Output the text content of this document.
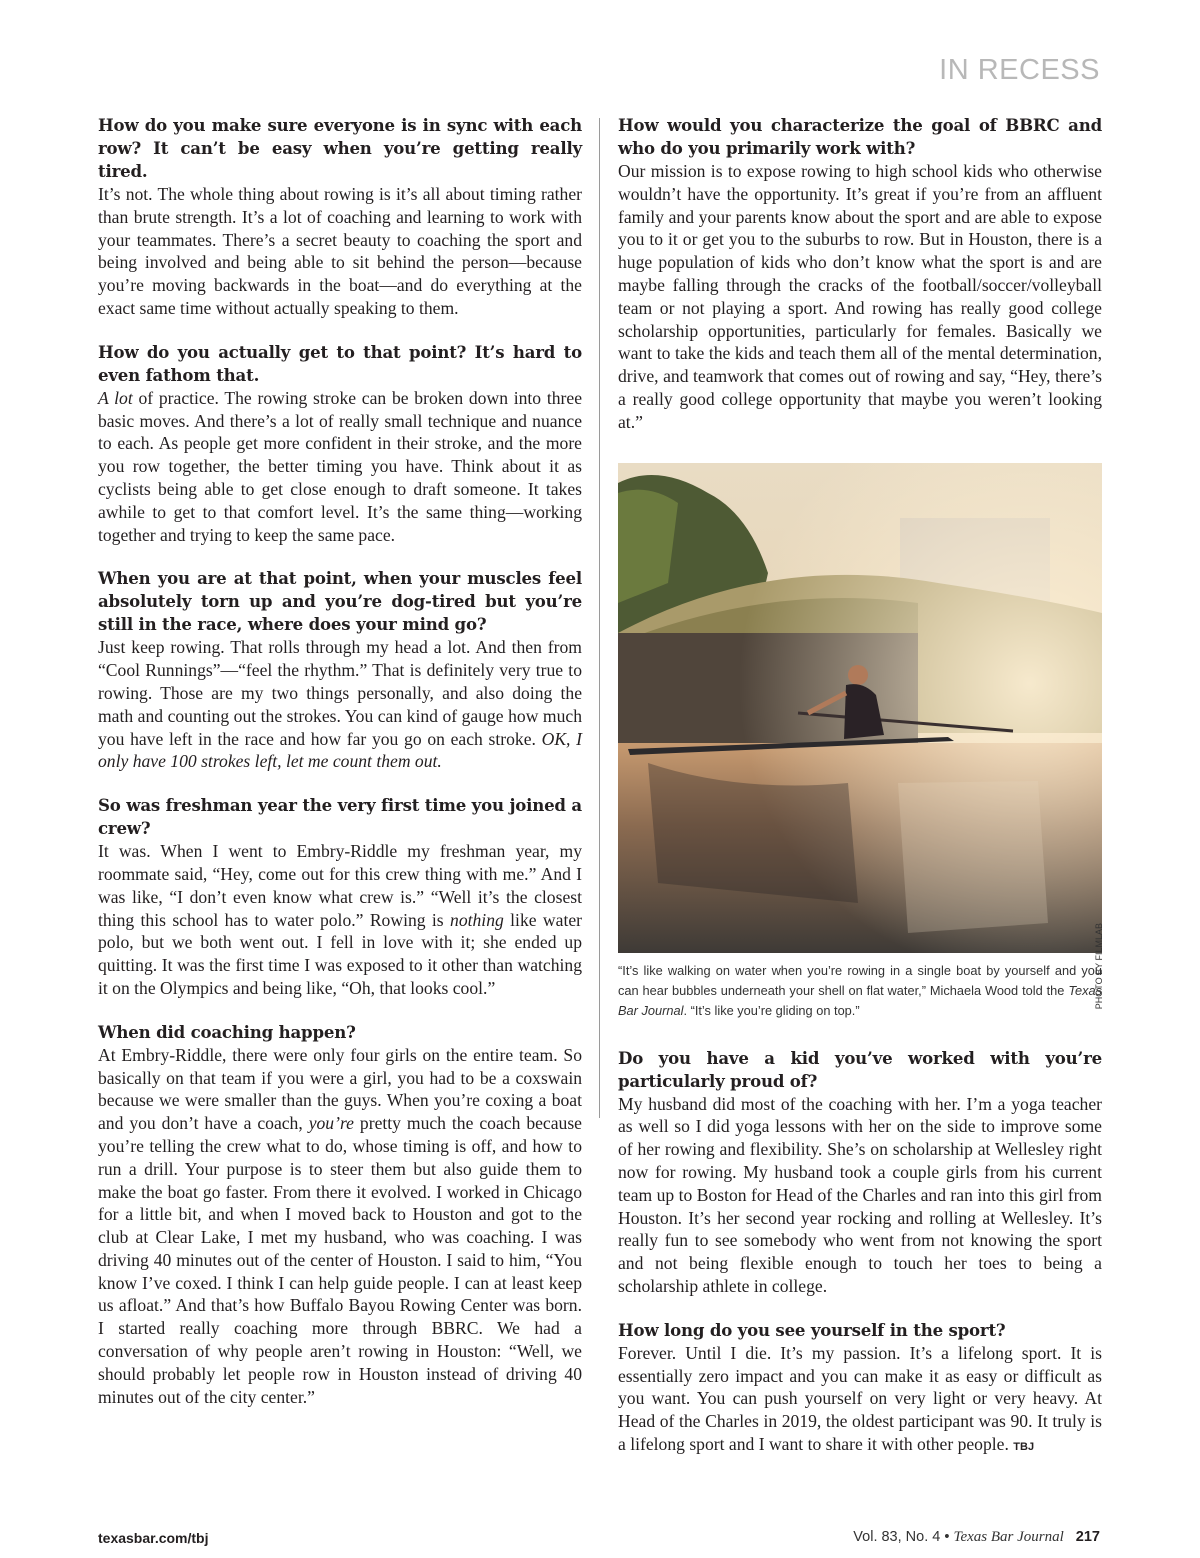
IN RECESS

How do you make sure everyone is in sync with each row? It can’t be easy when you’re getting really tired.

It’s not. The whole thing about rowing is it’s all about timing rather than brute strength. It’s a lot of coaching and learning to work with your teammates. There’s a secret beauty to coaching the sport and being involved and being able to sit behind the person—because you’re moving backwards in the boat—and do everything at the exact same time without actually speaking to them.

How do you actually get to that point? It’s hard to even fathom that.

A lot of practice. The rowing stroke can be broken down into three basic moves. And there’s a lot of really small technique and nuance to each. As people get more confident in their stroke, and the more you row together, the better timing you have. Think about it as cyclists being able to get close enough to draft someone. It takes awhile to get to that comfort level. It’s the same thing—working together and trying to keep the same pace.

When you are at that point, when your muscles feel absolutely torn up and you’re dog-tired but you’re still in the race, where does your mind go?

Just keep rowing. That rolls through my head a lot. And then from “Cool Runnings”—“feel the rhythm.” That is definitely very true to rowing. Those are my two things personally, and also doing the math and counting out the strokes. You can kind of gauge how much you have left in the race and how far you go on each stroke. OK, I only have 100 strokes left, let me count them out.

So was freshman year the very first time you joined a crew?

It was. When I went to Embry-Riddle my freshman year, my roommate said, “Hey, come out for this crew thing with me.” And I was like, “I don’t even know what crew is.” “Well it’s the closest thing this school has to water polo.” Rowing is nothing like water polo, but we both went out. I fell in love with it; she ended up quitting. It was the first time I was exposed to it other than watching it on the Olympics and being like, “Oh, that looks cool.”

When did coaching happen?

At Embry-Riddle, there were only four girls on the entire team. So basically on that team if you were a girl, you had to be a coxswain because we were smaller than the guys. When you’re coxing a boat and you don’t have a coach, you’re pretty much the coach because you’re telling the crew what to do, whose timing is off, and how to run a drill. Your purpose is to steer them but also guide them to make the boat go faster. From there it evolved. I worked in Chicago for a little bit, and when I moved back to Houston and got to the club at Clear Lake, I met my husband, who was coaching. I was driving 40 minutes out of the center of Houston. I said to him, “You know I’ve coxed. I think I can help guide people. I can at least keep us afloat.” And that’s how Buffalo Bayou Rowing Center was born. I started really coaching more through BBRC. We had a conversation of why people aren’t rowing in Houston: “Well, we should probably let people row in Houston instead of driving 40 minutes out of the city center.”

How would you characterize the goal of BBRC and who do you primarily work with?

Our mission is to expose rowing to high school kids who otherwise wouldn’t have the opportunity. It’s great if you’re from an affluent family and your parents know about the sport and are able to expose you to it or get you to the suburbs to row. But in Houston, there is a huge population of kids who don’t know what the sport is and are maybe falling through the cracks of the football/soccer/volleyball team or not playing a sport. And rowing has really good college scholarship opportunities, particularly for females. Basically we want to take the kids and teach them all of the mental determination, drive, and teamwork that comes out of rowing and say, “Hey, there’s a really good college opportunity that maybe you weren’t looking at.”

PHOTO BY FILMLAB
“It’s like walking on water when you’re rowing in a single boat by yourself and you can hear bubbles underneath your shell on flat water,” Michaela Wood told the Texas Bar Journal. “It’s like you’re gliding on top.”

Do you have a kid you’ve worked with you’re particularly proud of?

My husband did most of the coaching with her. I’m a yoga teacher as well so I did yoga lessons with her on the side to improve some of her rowing and flexibility. She’s on scholarship at Wellesley right now for rowing. My husband took a couple girls from his current team up to Boston for Head of the Charles and ran into this girl from Houston. It’s her second year rocking and rolling at Wellesley. It’s really fun to see somebody who went from not knowing the sport and not being flexible enough to touch her toes to being a scholarship athlete in college.

How long do you see yourself in the sport?

Forever. Until I die. It’s my passion. It’s a lifelong sport. It is essentially zero impact and you can make it as easy or difficult as you want. You can push yourself on very light or very heavy. At Head of the Charles in 2019, the oldest participant was 90. It truly is a lifelong sport and I want to share it with other people. TBJ

texasbar.com/tbj	Vol. 83, No. 4 • Texas Bar Journal 217
